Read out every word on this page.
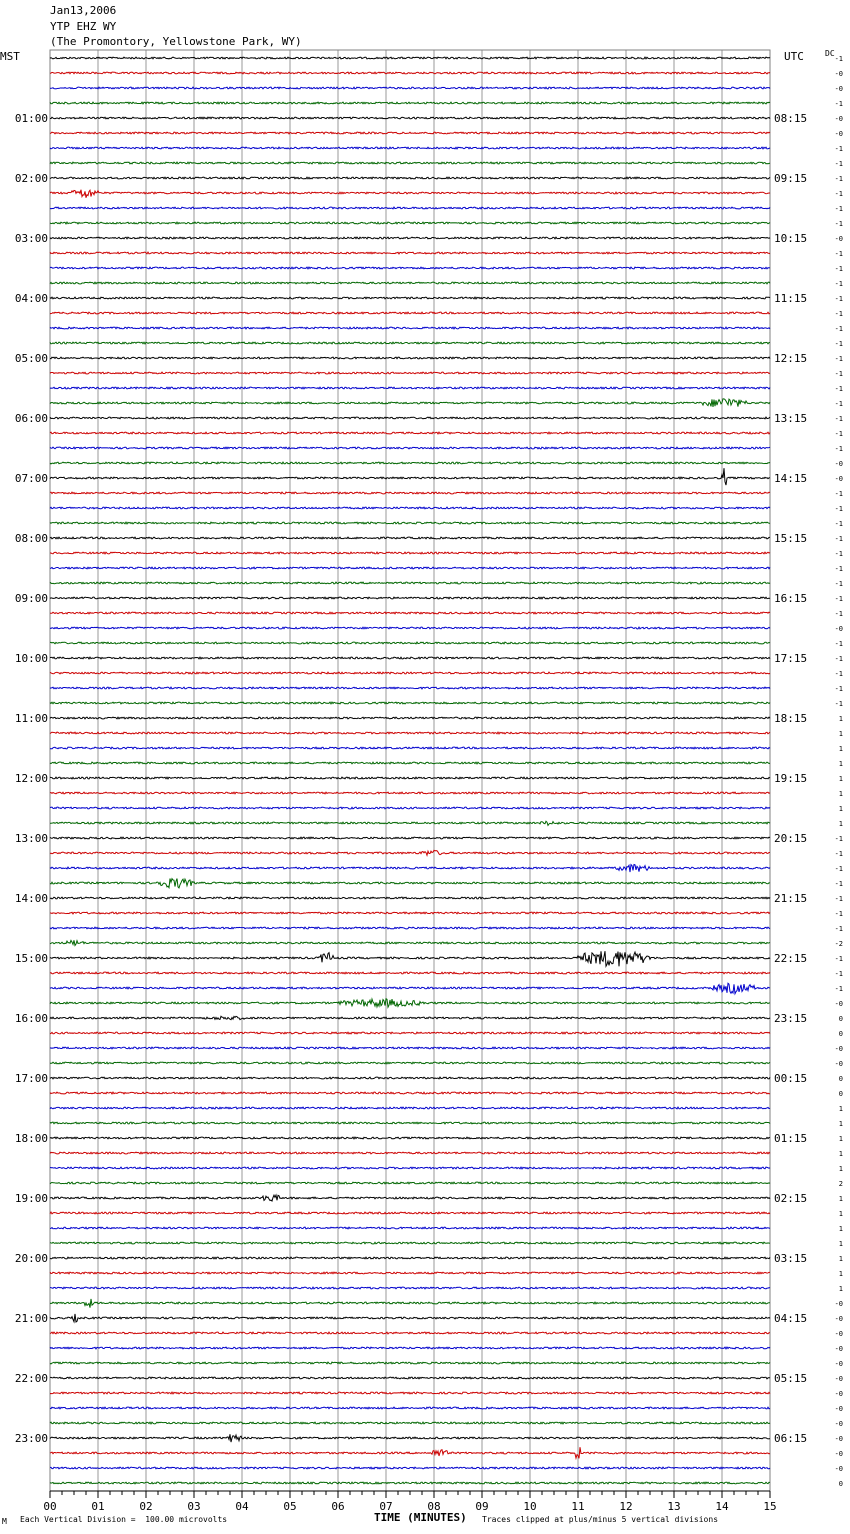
Jan13,2006
YTP EHZ WY
(The Promontory, Yellowstone Park, WY)
MST	UTC	DC
-1
-0
-0
-1
-0
-0
-1
-1
-1
-1
-1
-1
-0
-1
-1
-1
-1
-1
-1
-1
-1
-1
-1
-1
-1
-1
-1
-0
-0
-1
-1
-1
-1
-1
-1
-1
-1
-1
-0
-1
-1
-1
-1
-1
1
1
1
1
1
1
1
1
-1
-1
-1
-1
-1
-1
-1
-2
-1
-1
-1
-0
0
0
-0
-0
0
0
1
1
1
1
1
2
1
1
1
1
1
1
1
-0
-0
-0
-0
-0
-0
-0
-0
-0
-0
-0
-0
0
01:00
02:00
03:00
04:00
05:00
06:00
07:00
08:00
09:00
10:00
11:00
12:00
13:00
14:00
15:00
16:00
17:00
18:00
19:00
20:00
21:00
22:00
23:00
08:15
09:15
10:15
11:15
12:15
13:15
14:15
15:15
16:15
17:15
18:15
19:15
20:15
21:15
22:15
23:15
00:15
01:15
02:15
03:15
04:15
05:15
06:15
00	01	02	03	04	05	06	07	08	09	10	11	12	13	14	15
M Each Vertical Division =  100.00 microvolts	TIME (MINUTES) Traces clipped at plus/minus 5 vertical divisions
